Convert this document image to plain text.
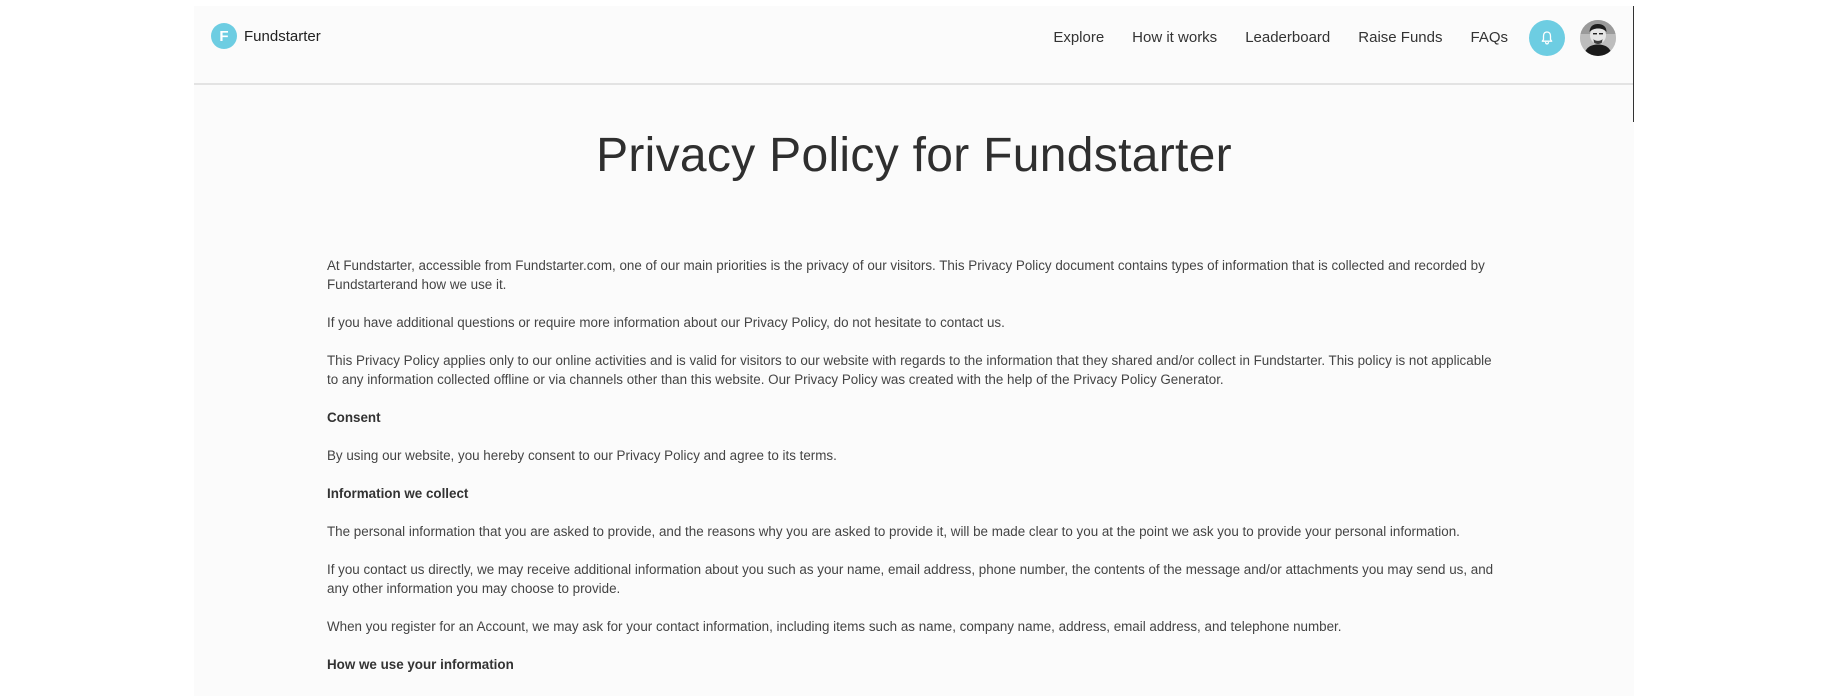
F	Fundstarter	Explore How it works Leaderboard Raise Funds FAQs
Privacy Policy for Fundstarter

At Fundstarter, accessible from Fundstarter.com, one of our main priorities is the privacy of our visitors. This Privacy Policy document contains types of information that is collected and recorded by Fundstarterand how we use it.

If you have additional questions or require more information about our Privacy Policy, do not hesitate to contact us.

This Privacy Policy applies only to our online activities and is valid for visitors to our website with regards to the information that they shared and/or collect in Fundstarter. This policy is not applicable to any information collected offline or via channels other than this website. Our Privacy Policy was created with the help of the Privacy Policy Generator.

Consent

By using our website, you hereby consent to our Privacy Policy and agree to its terms.

Information we collect

The personal information that you are asked to provide, and the reasons why you are asked to provide it, will be made clear to you at the point we ask you to provide your personal information.

If you contact us directly, we may receive additional information about you such as your name, email address, phone number, the contents of the message and/or attachments you may send us, and any other information you may choose to provide.

When you register for an Account, we may ask for your contact information, including items such as name, company name, address, email address, and telephone number.

How we use your information
